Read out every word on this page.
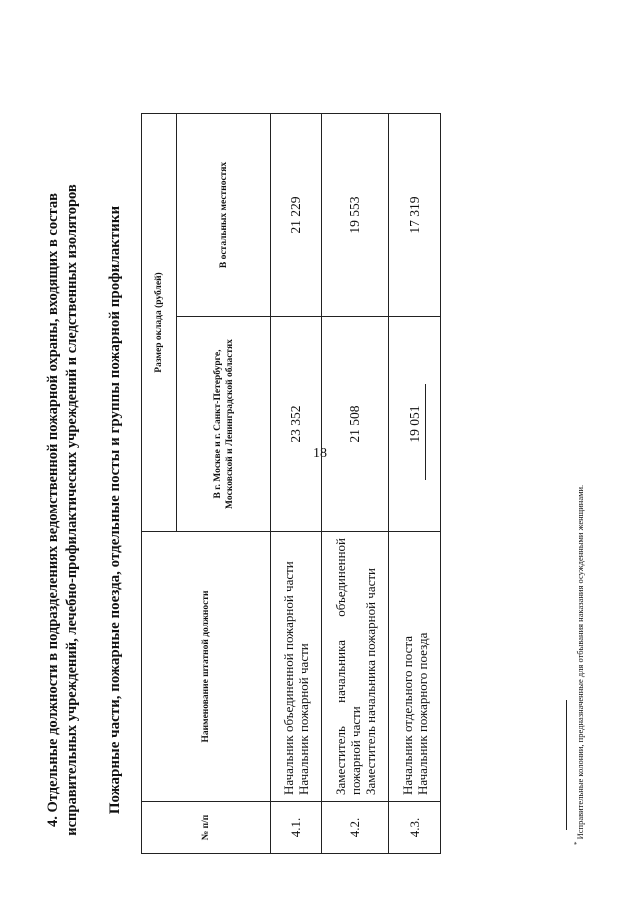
18
4. Отдельные должности в подразделениях ведомственной пожарной охраны, входящих в состав исправительных учреждений, лечебно-профилактических учреждений и следственных изоляторов Пожарные части, пожарные поезда, отдельные посты и группы пожарной профилактики
№ п/п	Наименование штатной должности	Размер оклада (рублей)	
		В г. Москве и г. Санкт-Петербурге, Московской и Ленинградской областях	В остальных местностях
4.1.	Начальник объединенной пожарной части Начальник пожарной части	23 352	21 229
4.2.	Заместитель начальника объединенной пожарной части Заместитель начальника пожарной части	21 508	19 553
4.3.	Начальник отдельного поста Начальник пожарного поезда	19 051	17 319
* Исправительные колонии, предназначенные для отбывания наказания осужденными женщинами.
